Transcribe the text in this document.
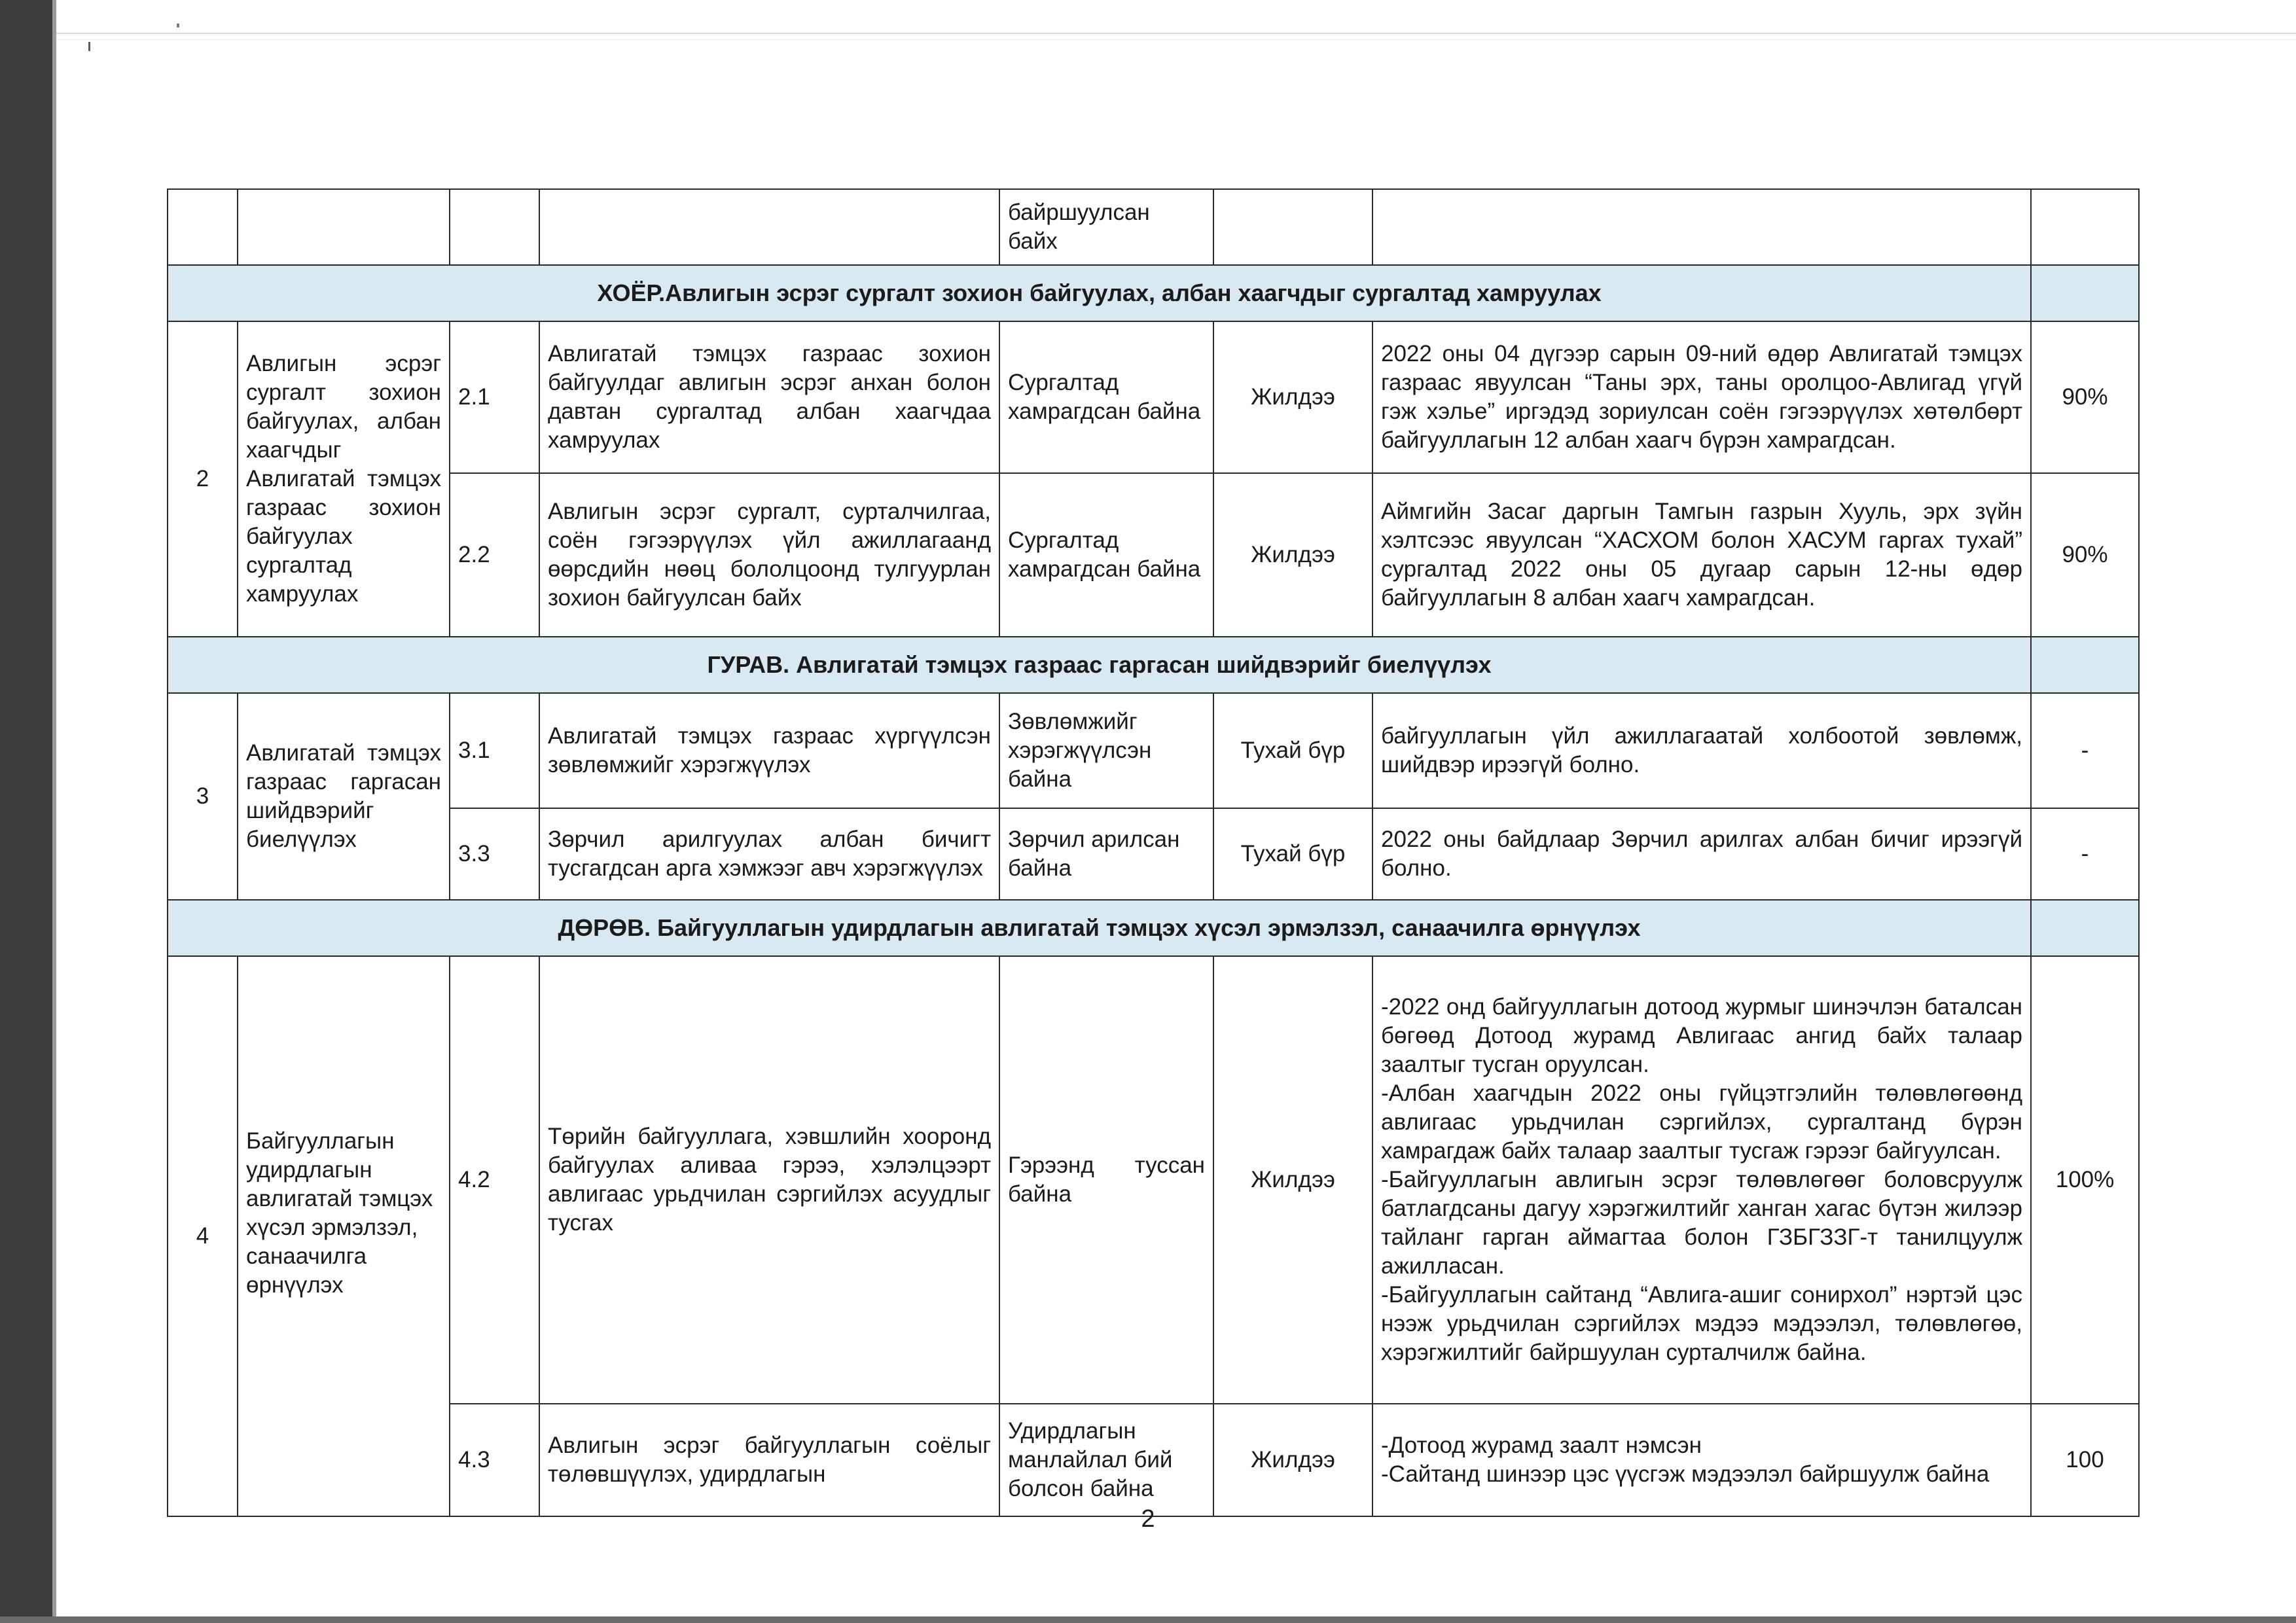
				байршуулсан байх			
ХОЁР.Авлигын эсрэг сургалт зохион байгуулах, албан хаагчдыг сургалтад хамруулах							
2	Авлигын эсрэг сургалт зохион байгуулах, албан хаагчдыг Авлигатай тэмцэх газраас зохион байгуулах сургалтад хамруулах	2.1	Авлигатай тэмцэх газраас зохион байгуулдаг авлигын эсрэг анхан болон давтан сургалтад албан хаагчдаа хамруулах	Сургалтад хамрагдсан байна	Жилдээ	2022 оны 04 дүгээр сарын 09-ний өдөр Авлигатай тэмцэх газраас явуулсан “Таны эрх, таны оролцоо-Авлигад үгүй гэж хэлье” иргэдэд зориулсан соён гэгээрүүлэх хөтөлбөрт байгууллагын 12 албан хаагч бүрэн хамрагдсан.	90%
		2.2	Авлигын эсрэг сургалт, сурталчилгаа, соён гэгээрүүлэх үйл ажиллагаанд өөрсдийн нөөц бололцоонд тулгуурлан зохион байгуулсан байх	Сургалтад хамрагдсан байна	Жилдээ	Аймгийн Засаг даргын Тамгын газрын Хууль, эрх зүйн хэлтсээс явуулсан “ХАСХОМ болон ХАСУМ гаргах тухай” сургалтад 2022 оны 05 дугаар сарын 12-ны өдөр байгууллагын 8 албан хаагч хамрагдсан.	90%
ГУРАВ. Авлигатай тэмцэх газраас гаргасан шийдвэрийг биелүүлэх							
3	Авлигатай тэмцэх газраас гаргасан шийдвэрийг биелүүлэх	3.1	Авлигатай тэмцэх газраас хүргүүлсэн зөвлөмжийг хэрэгжүүлэх	Зөвлөмжийг хэрэгжүүлсэн байна	Тухай бүр	байгууллагын үйл ажиллагаатай холбоотой зөвлөмж, шийдвэр ирээгүй болно.	-
		3.3	Зөрчил арилгуулах албан бичигт тусгагдсан арга хэмжээг авч хэрэгжүүлэх	Зөрчил арилсан байна	Тухай бүр	2022 оны байдлаар Зөрчил арилгах албан бичиг ирээгүй болно.	-
ДӨРӨВ. Байгууллагын удирдлагын авлигатай тэмцэх хүсэл эрмэлзэл, санаачилга өрнүүлэх							
4	Байгууллагын удирдлагын авлигатай тэмцэх хүсэл эрмэлзэл, санаачилга өрнүүлэх	4.2	Төрийн байгууллага, хэвшлийн хооронд байгуулах аливаа гэрээ, хэлэлцээрт авлигаас урьдчилан сэргийлэх асуудлыг тусгах	Гэрээнд туссан байна	Жилдээ	-2022 онд байгууллагын дотоод журмыг шинэчлэн баталсан бөгөөд Дотоод журамд Авлигаас ангид байх талаар заалтыг тусган оруулсан.
-Албан хаагчдын 2022 оны гүйцэтгэлийн төлөвлөгөөнд авлигаас урьдчилан сэргийлэх, сургалтанд бүрэн хамрагдаж байх талаар заалтыг тусгаж гэрээг байгуулсан.
-Байгууллагын авлигын эсрэг төлөвлөгөөг боловсруулж батлагдсаны дагуу хэрэгжилтийг ханган хагас бүтэн жилээр тайланг гарган аймагтаа болон ГЗБГЗЗГ-т танилцуулж ажилласан.
-Байгууллагын сайтанд “Авлига-ашиг сонирхол” нэртэй цэс нээж урьдчилан сэргийлэх мэдээ мэдээлэл, төлөвлөгөө, хэрэгжилтийг байршуулан сурталчилж байна.	100%
		4.3	Авлигын эсрэг байгууллагын соёлыг төлөвшүүлэх, удирдлагын	Удирдлагын манлайлал бий болсон байна	Жилдээ	-Дотоод журамд заалт нэмсэн
-Сайтанд шинээр цэс үүсгэж мэдээлэл байршуулж байна	100
2
